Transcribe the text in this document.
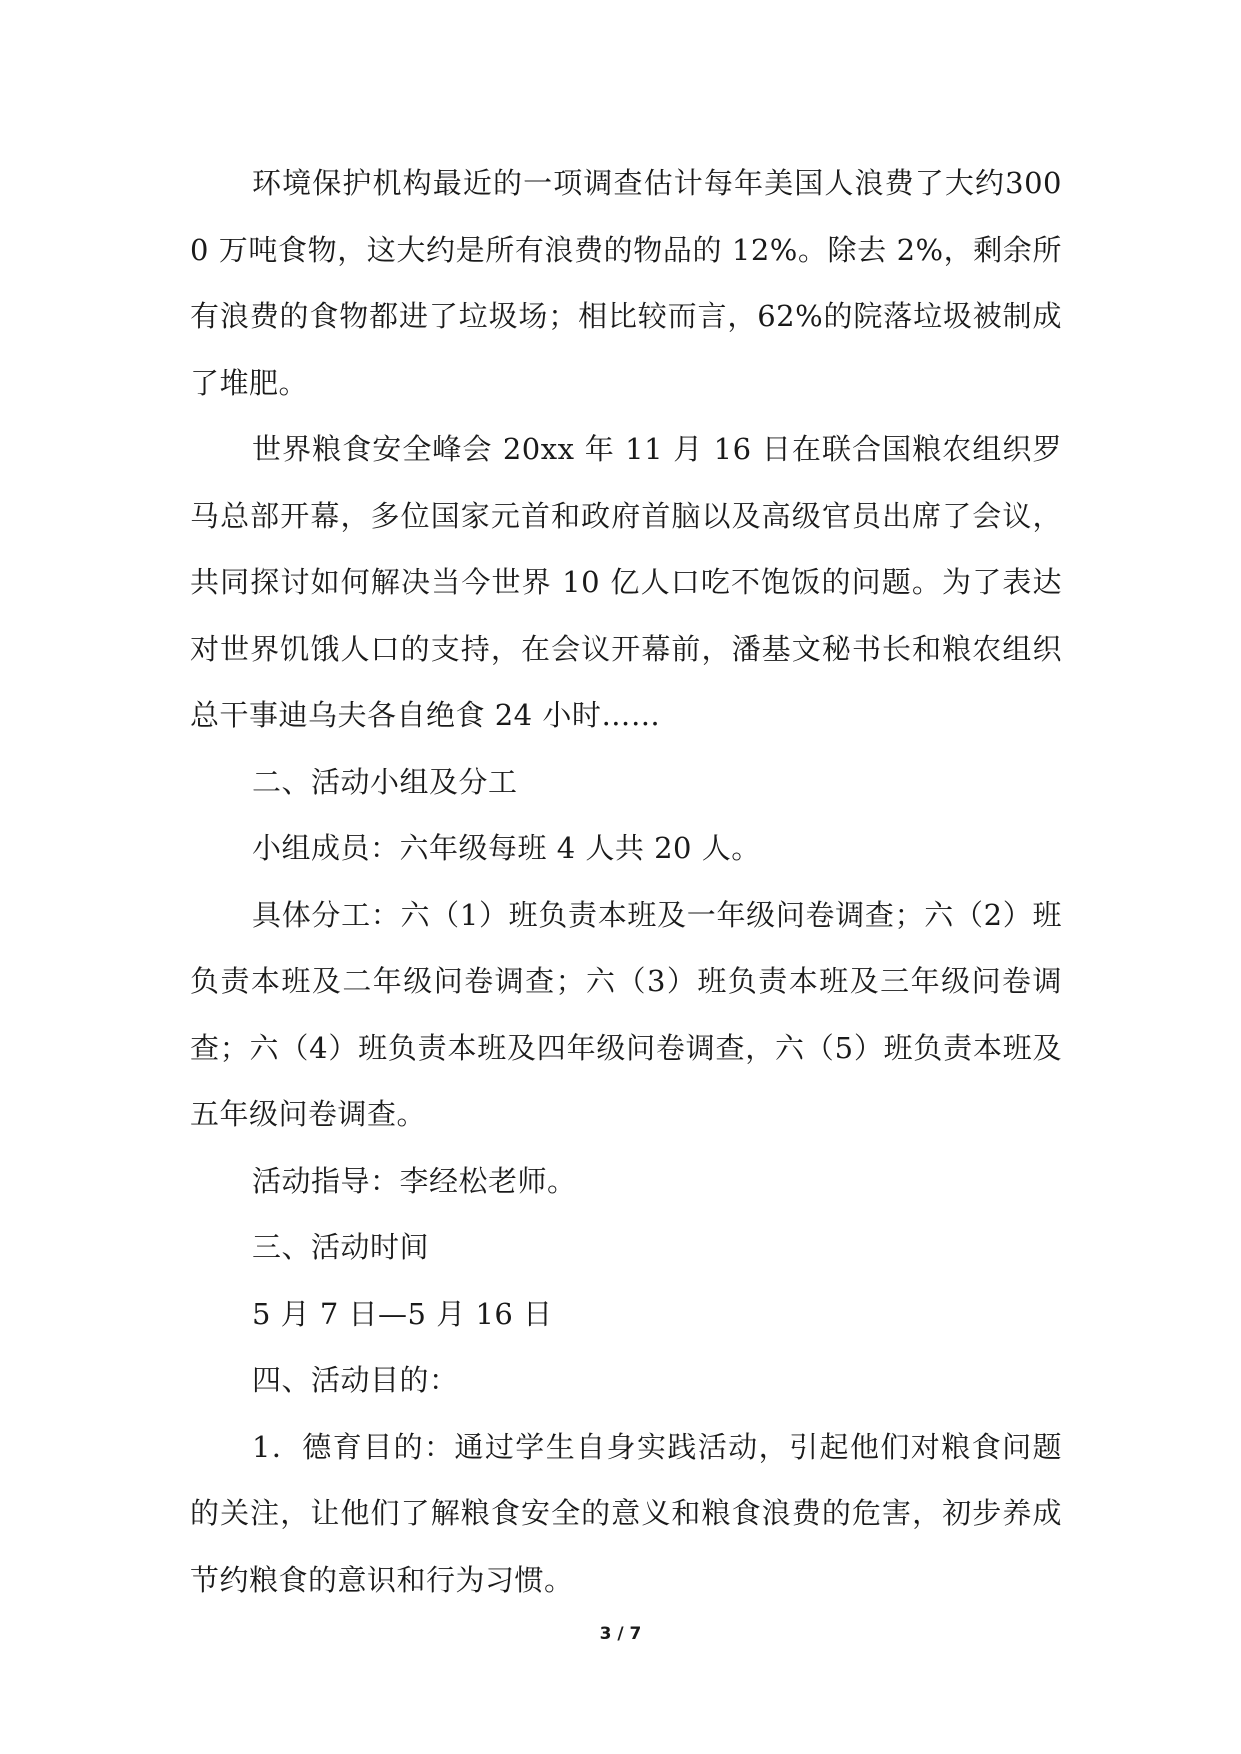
环境保护机构最近的一项调查估计每年美国人浪费了大约3000 万吨食物，这大约是所有浪费的物品的 12%。除去 2%，剩余所有浪费的食物都进了垃圾场；相比较而言，62%的院落垃圾被制成了堆肥。

世界粮食安全峰会 20xx 年 11 月 16 日在联合国粮农组织罗马总部开幕，多位国家元首和政府首脑以及高级官员出席了会议，共同探讨如何解决当今世界 10 亿人口吃不饱饭的问题。为了表达对世界饥饿人口的支持，在会议开幕前，潘基文秘书长和粮农组织总干事迪乌夫各自绝食 24 小时……

二、活动小组及分工

小组成员：六年级每班 4 人共 20 人。

具体分工：六（1）班负责本班及一年级问卷调查；六（2）班负责本班及二年级问卷调查；六（3）班负责本班及三年级问卷调查；六（4）班负责本班及四年级问卷调查，六（5）班负责本班及五年级问卷调查。

活动指导：李经松老师。

三、活动时间

5 月 7 日—5 月 16 日

四、活动目的：

1．德育目的：通过学生自身实践活动，引起他们对粮食问题的关注，让他们了解粮食安全的意义和粮食浪费的危害，初步养成节约粮食的意识和行为习惯。

3 / 7
